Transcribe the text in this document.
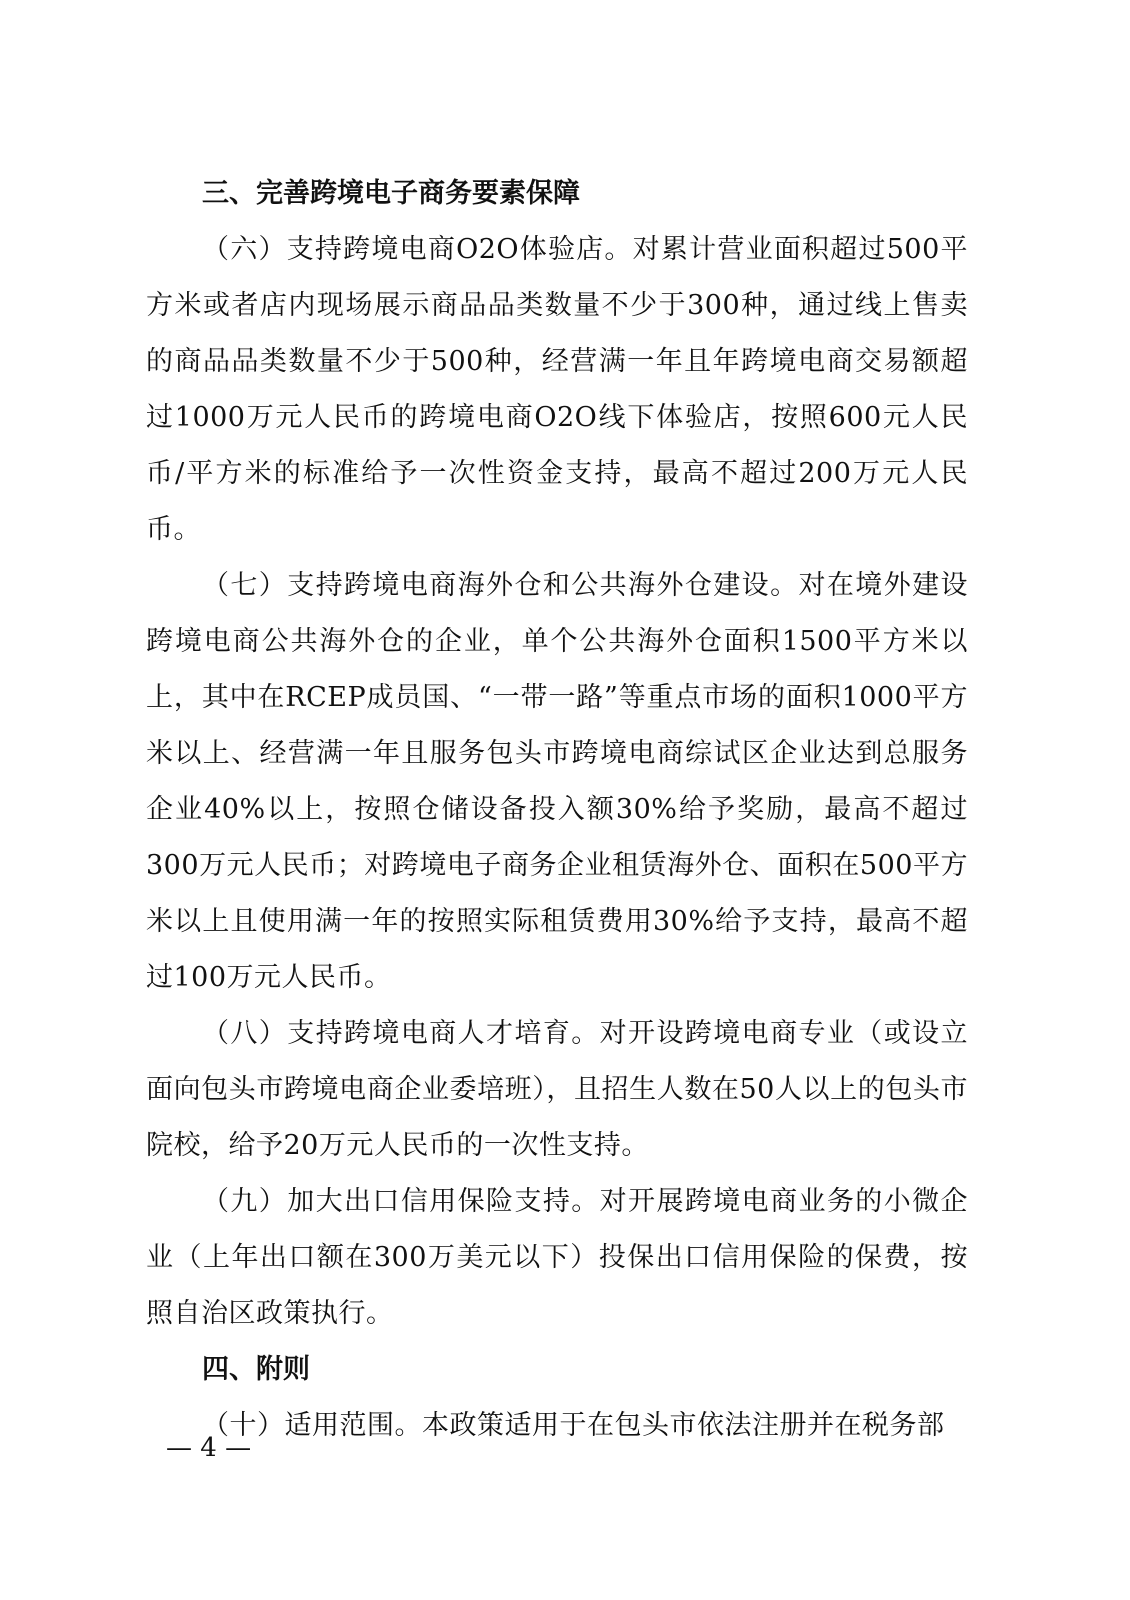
三、完善跨境电子商务要素保障

（六）支持跨境电商O2O体验店。对累计营业面积超过500平方米或者店内现场展示商品品类数量不少于300种，通过线上售卖的商品品类数量不少于500种，经营满一年且年跨境电商交易额超过1000万元人民币的跨境电商O2O线下体验店，按照600元人民币/平方米的标准给予一次性资金支持，最高不超过200万元人民币。

（七）支持跨境电商海外仓和公共海外仓建设。对在境外建设跨境电商公共海外仓的企业，单个公共海外仓面积1500平方米以上，其中在RCEP成员国、“一带一路”等重点市场的面积1000平方米以上、经营满一年且服务包头市跨境电商综试区企业达到总服务企业40%以上，按照仓储设备投入额30%给予奖励，最高不超过300万元人民币；对跨境电子商务企业租赁海外仓、面积在500平方米以上且使用满一年的按照实际租赁费用30%给予支持，最高不超过100万元人民币。

（八）支持跨境电商人才培育。对开设跨境电商专业（或设立面向包头市跨境电商企业委培班），且招生人数在50人以上的包头市院校，给予20万元人民币的一次性支持。

（九）加大出口信用保险支持。对开展跨境电商业务的小微企业（上年出口额在300万美元以下）投保出口信用保险的保费，按照自治区政策执行。

四、附则

（十）适用范围。本政策适用于在包头市依法注册并在税务部

— 4 —
